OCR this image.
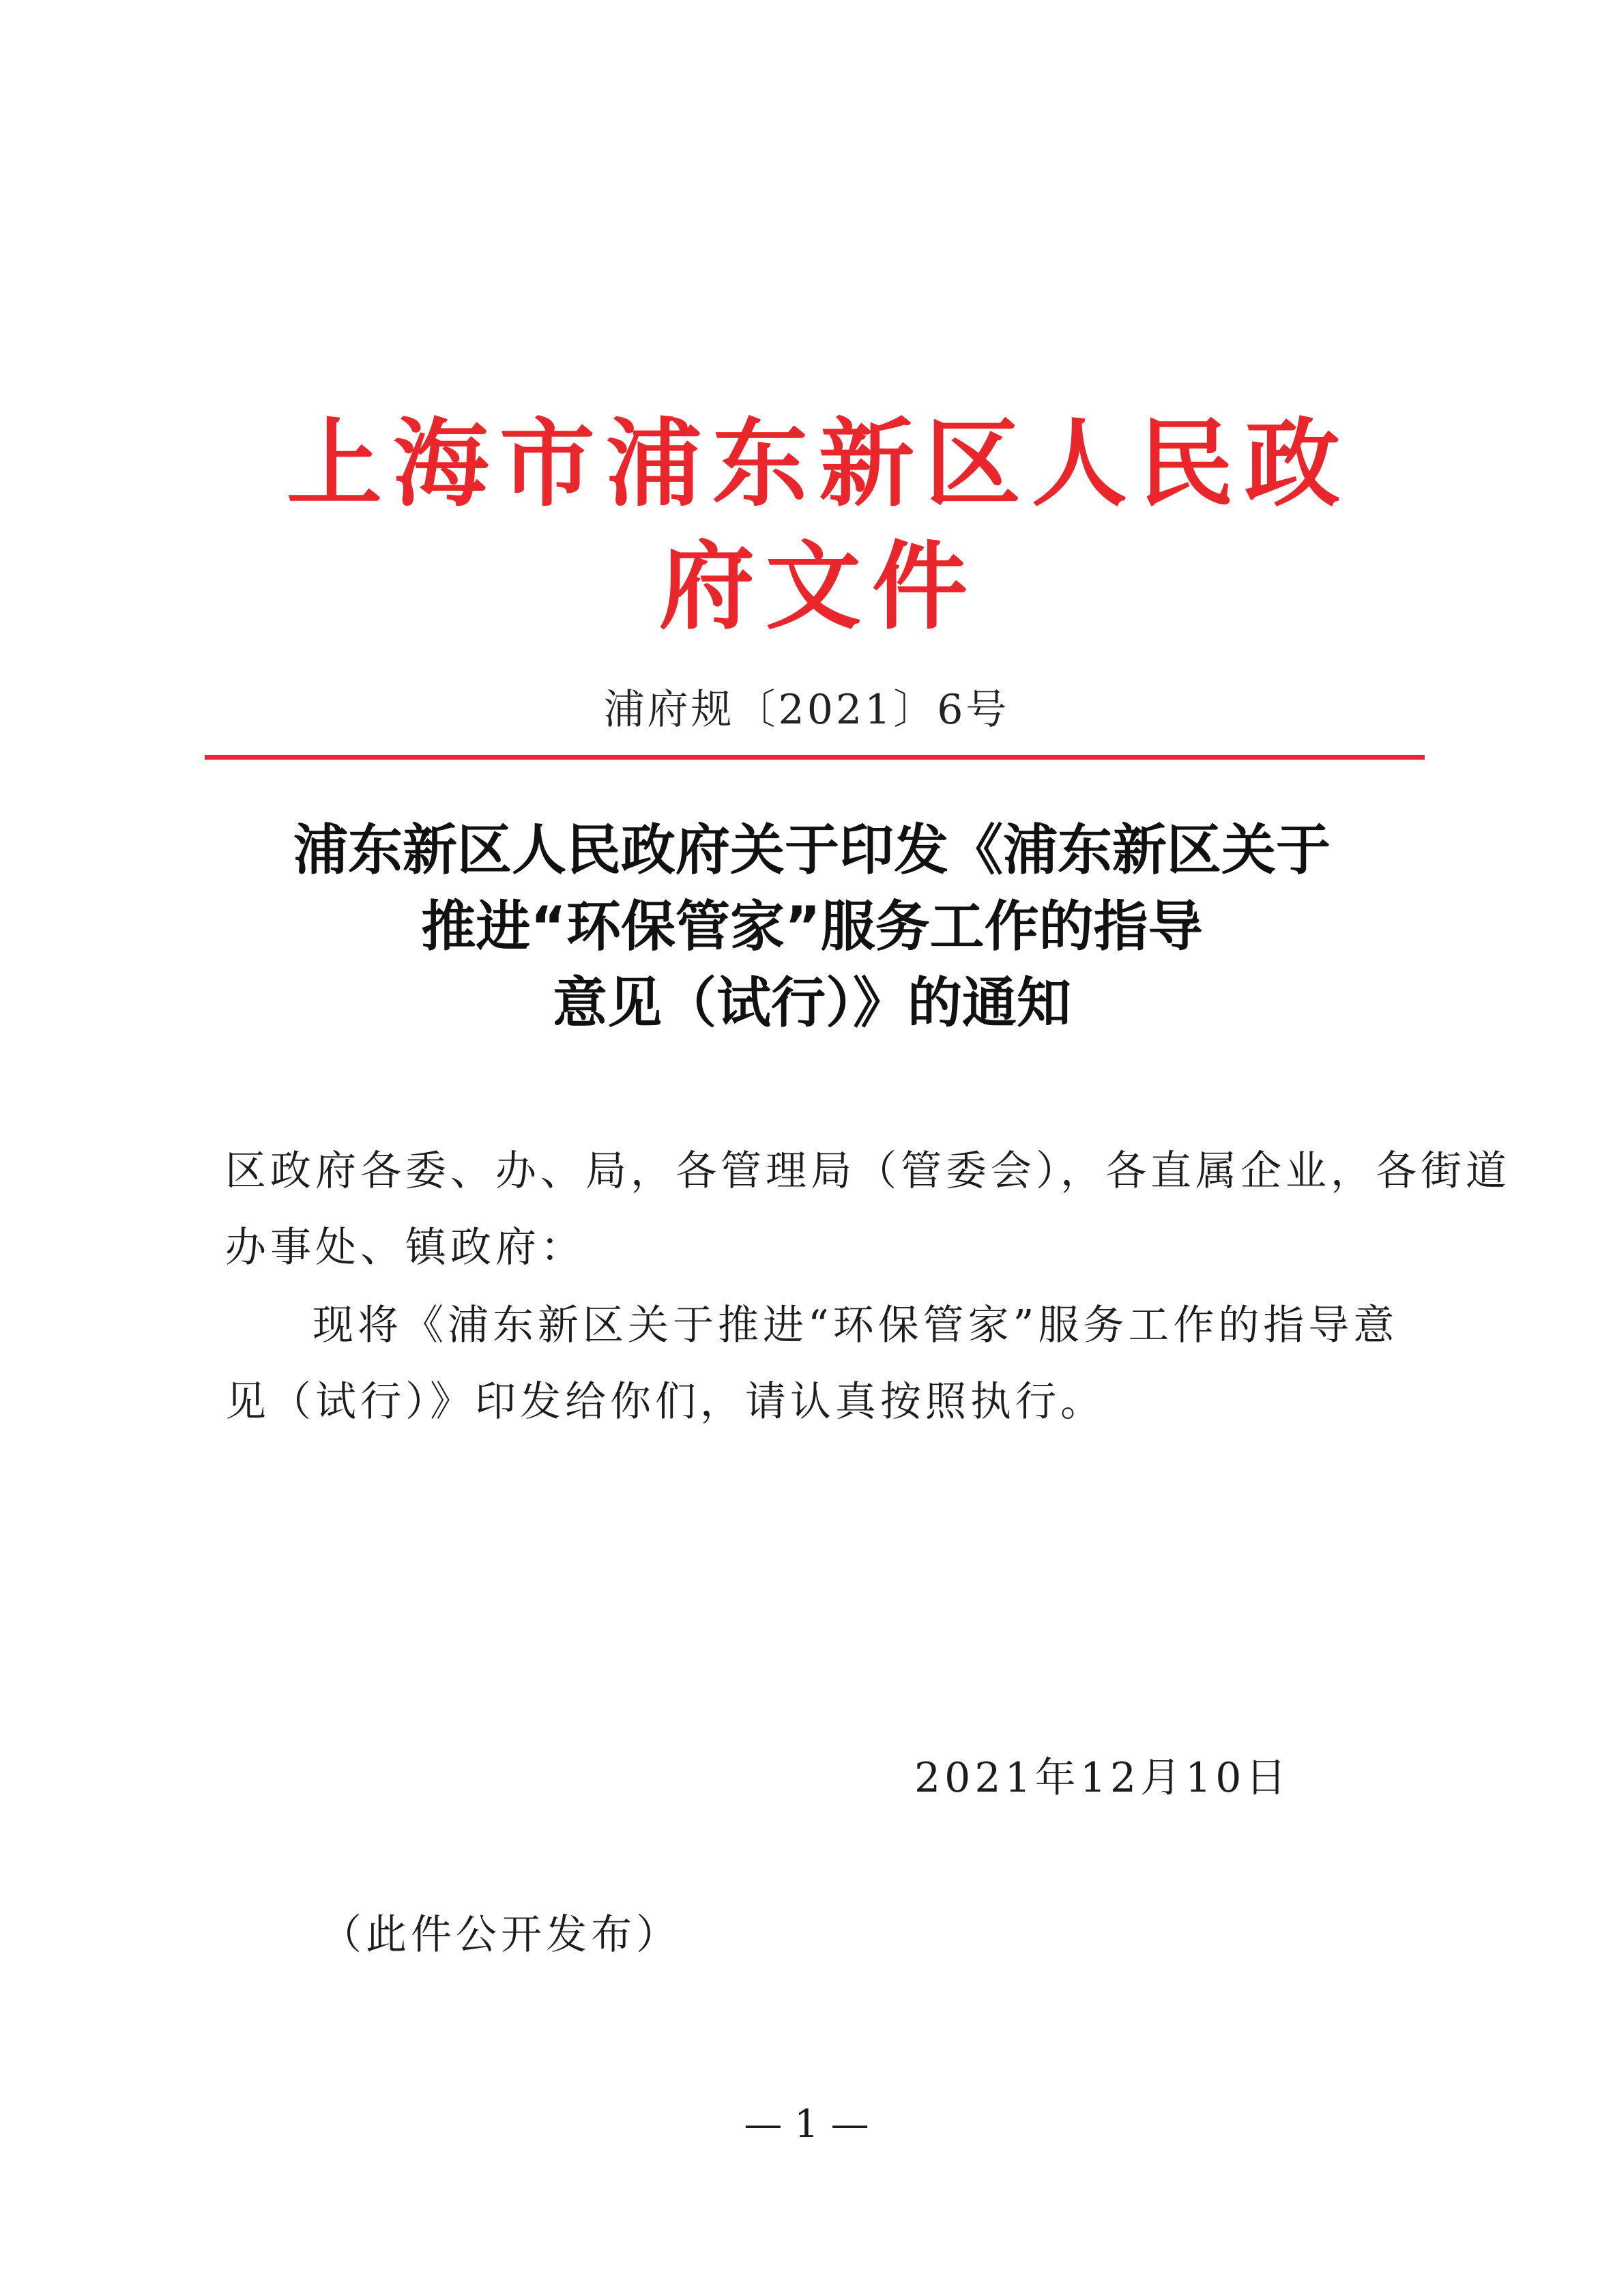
上海市浦东新区人民政府文件
浦府规〔2021〕6号
浦东新区人民政府关于印发《浦东新区关于
推进“环保管家”服务工作的指导
意见（试行）》的通知
区政府各委、办、局，各管理局（管委会），各直属企业，各街道
办事处、镇政府：
现将《浦东新区关于推进“环保管家”服务工作的指导意见（试行）》印发给你们，请认真按照执行。
2021年12月10日
（此件公开发布）
— 1 —
